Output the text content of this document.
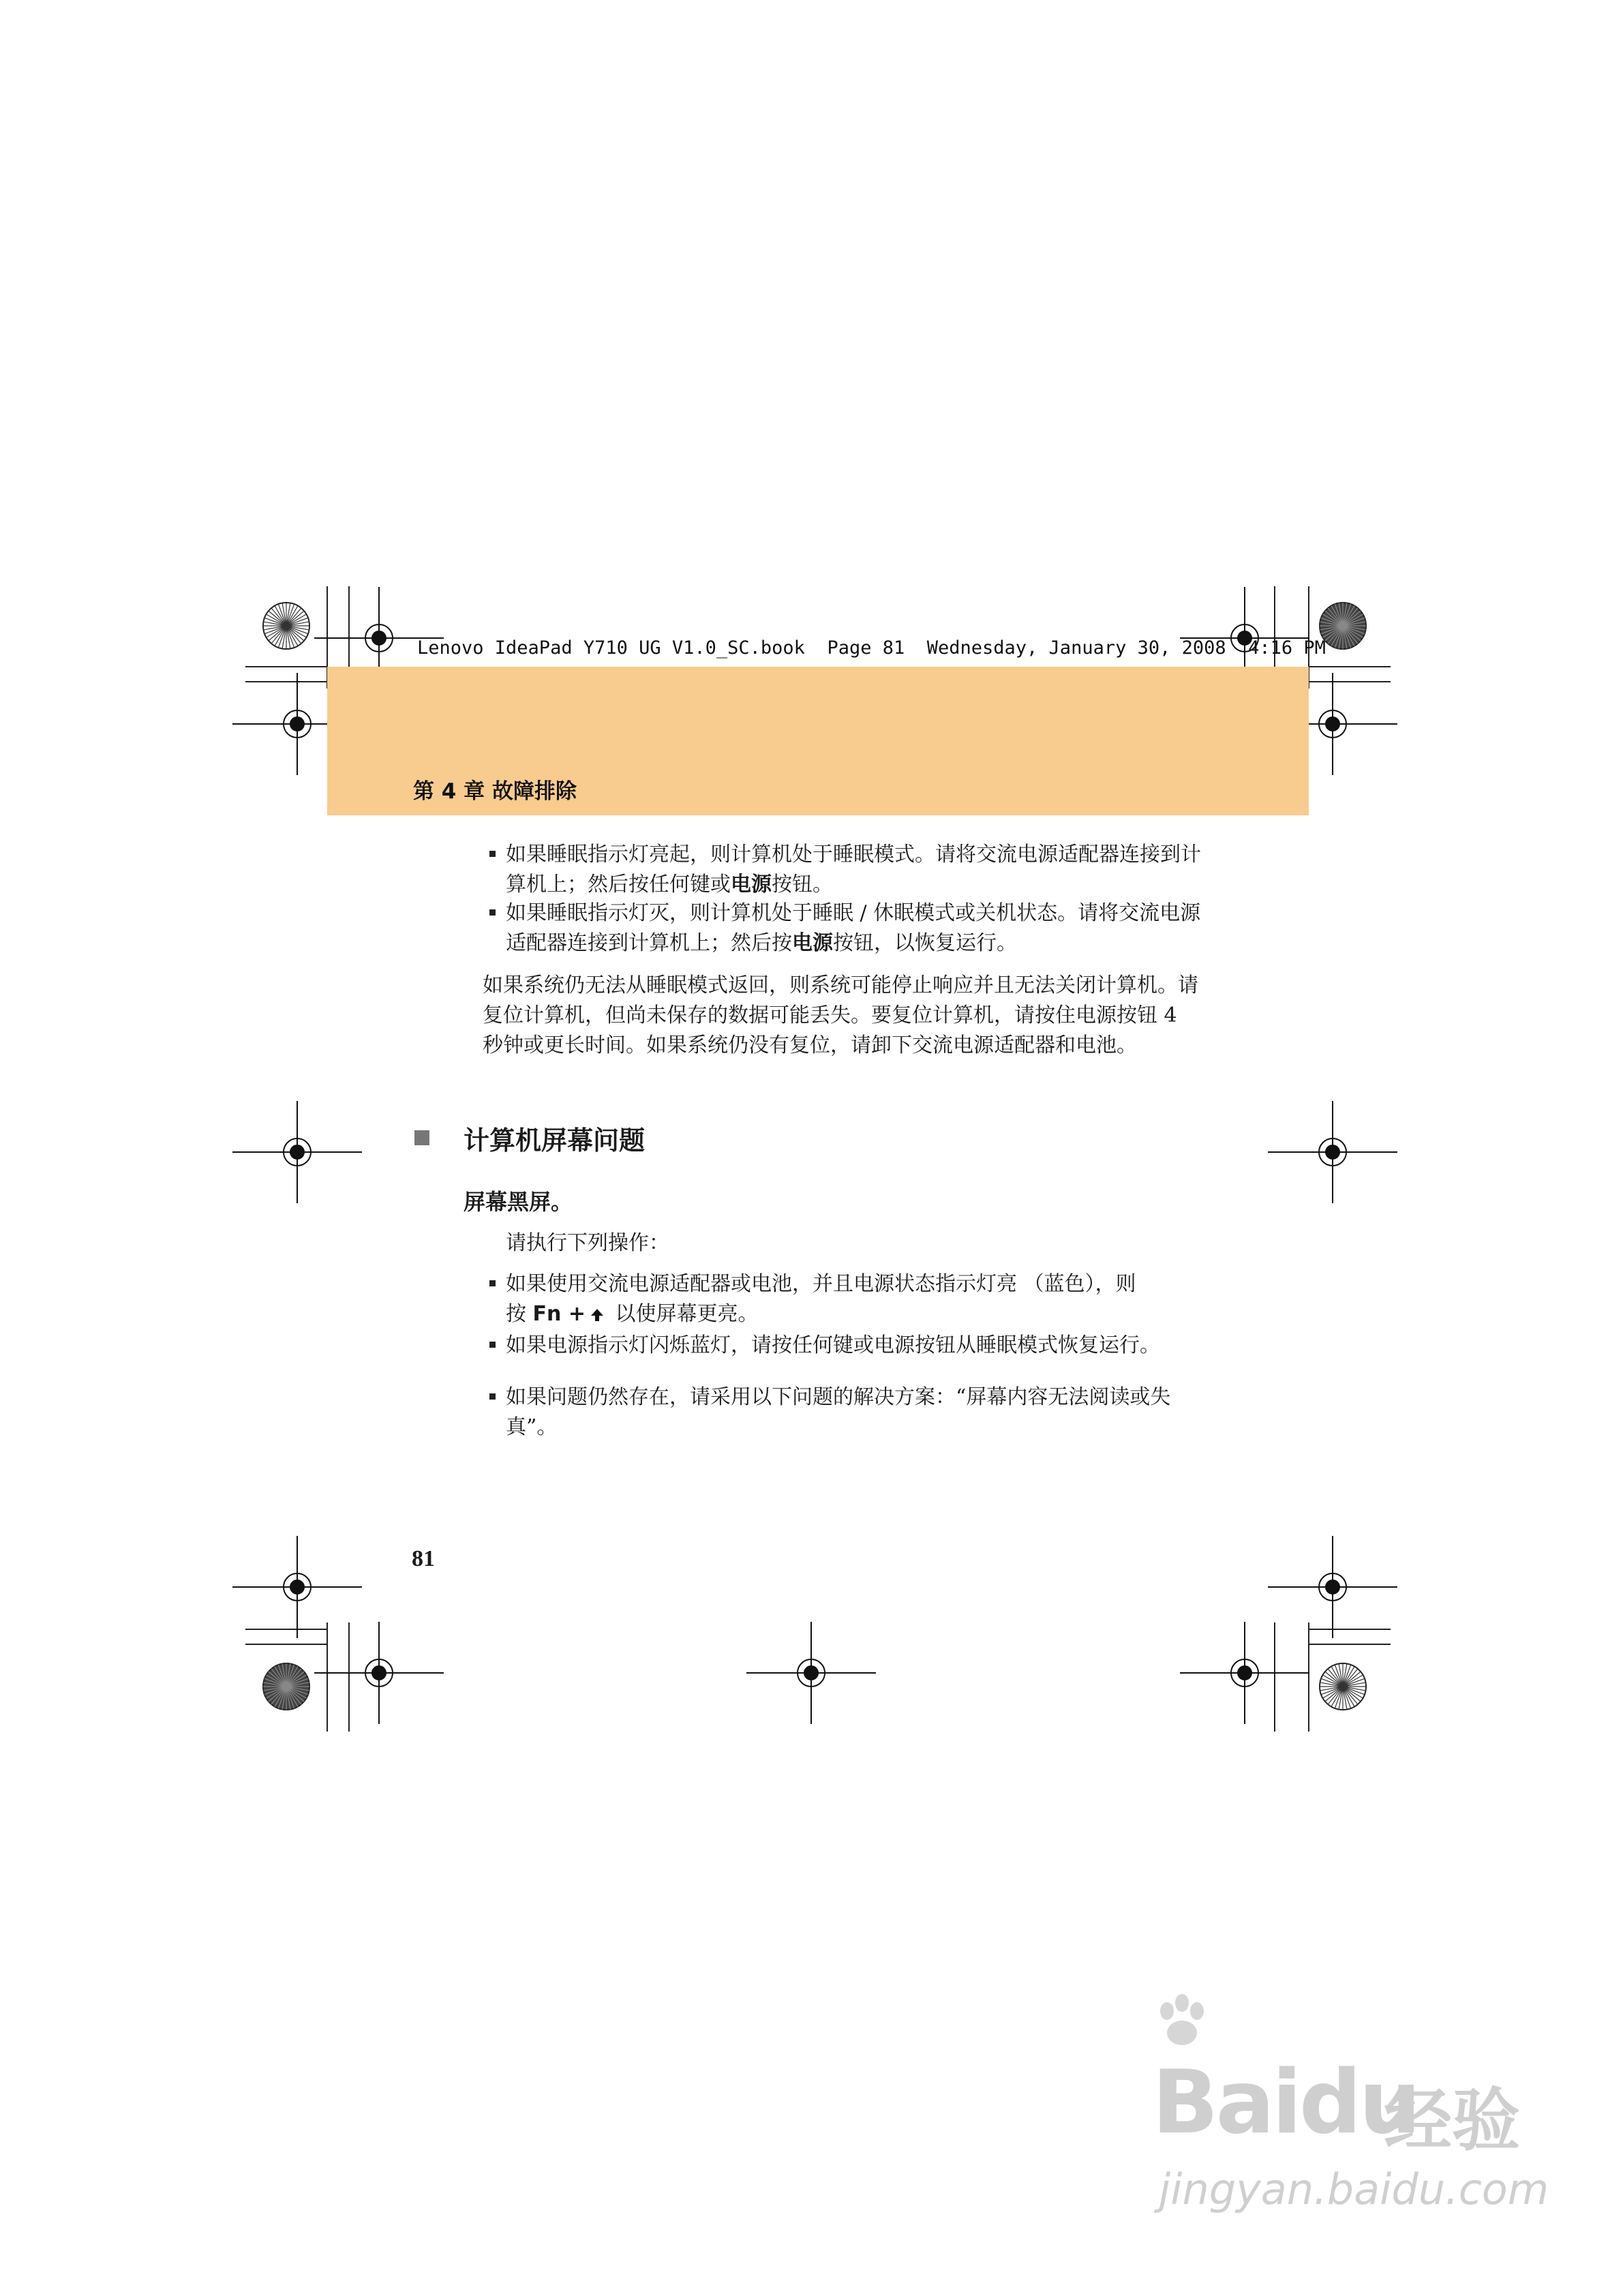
Lenovo IdeaPad Y710 UG V1.0_SC.book  Page 81  Wednesday, January 30, 2008  4:16 PM
第 4 章 故障排除
如果睡眠指示灯亮起，则计算机处于睡眠模式。请将交流电源适配器连接到计算机上；然后按任何键或电源按钮。
如果睡眠指示灯灭，则计算机处于睡眠 / 休眠模式或关机状态。请将交流电源适配器连接到计算机上；然后按电源按钮，以恢复运行。
如果系统仍无法从睡眠模式返回，则系统可能停止响应并且无法关闭计算机。请复位计算机，但尚未保存的数据可能丢失。要复位计算机，请按住电源按钮 4 秒钟或更长时间。如果系统仍没有复位，请卸下交流电源适配器和电池。
计算机屏幕问题
屏幕黑屏。
请执行下列操作：
如果使用交流电源适配器或电池，并且电源状态指示灯亮 （蓝色），则
按 Fn + 以使屏幕更亮。
如果电源指示灯闪烁蓝灯，请按任何键或电源按钮从睡眠模式恢复运行。
如果问题仍然存在，请采用以下问题的解决方案：“屏幕内容无法阅读或失真”。
81
Baidu
经验
jingyan.baidu.com
